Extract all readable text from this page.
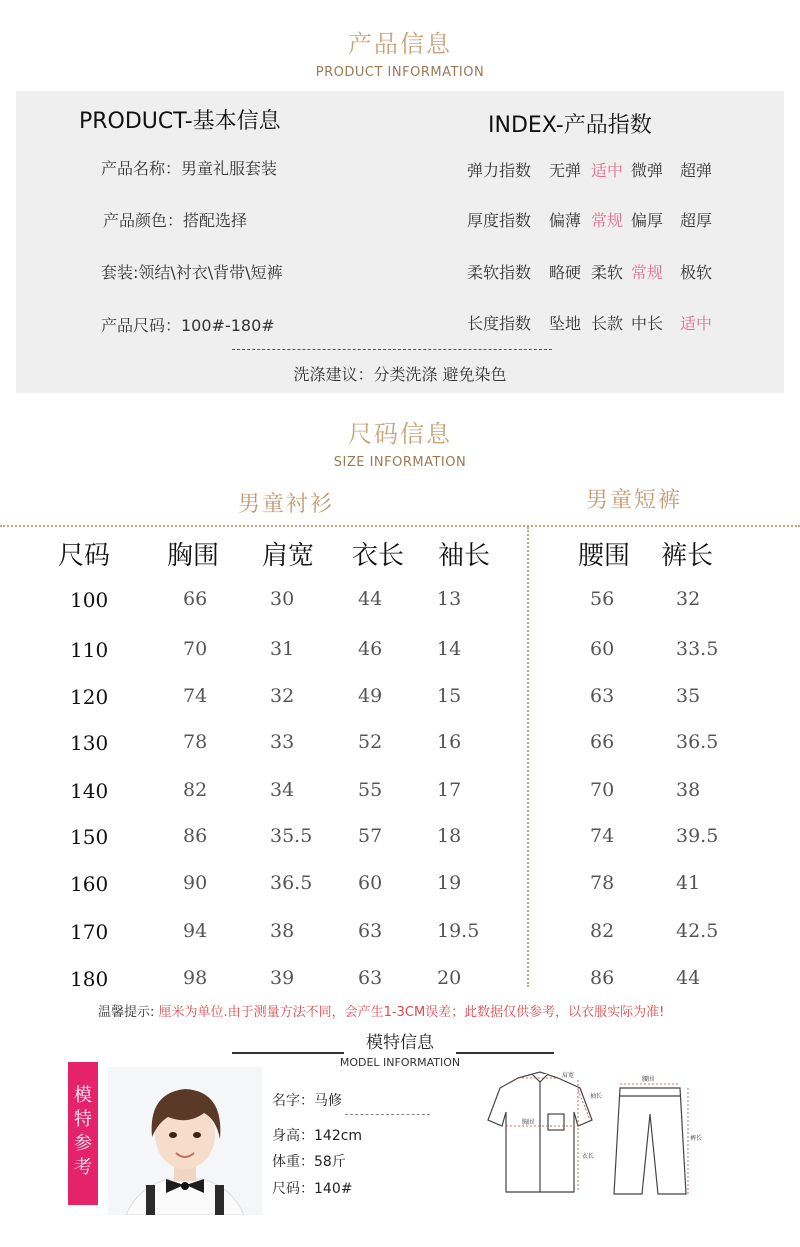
产品信息
PRODUCT INFORMATION
PRODUCT-基本信息	INDEX-产品指数
产品名称：男童礼服套装
产品颜色：搭配选择
套装:领结\衬衣\背带\短裤
产品尺码：100#-180#
弹力指数 无弹 适中 微弹 超弹
厚度指数 偏薄 常规 偏厚 超厚
柔软指数 略硬 柔软 常规 极软
长度指数 坠地 长款 中长 适中
洗涤建议：分类洗涤 避免染色
尺码信息
SIZE INFORMATION
男童衬衫	男童短裤
尺码 胸围 肩宽 衣长 袖长	腰围 裤长
100	66	30	44	13	56	32
110	70	31	46	14	60	33.5
120	74	32	49	15	63	35
130	78	33	52	16	66	36.5
140	82	34	55	17	70	38
150	86	35.5 57	18	74	39.5
160	90	36.5 60	19	78	41
170	94	38	63	19.5	82	42.5
180	98	39	63	20	86	44
温馨提示: 厘米为单位.由于测量方法不同，会产生1-3CM误差；此数据仅供参考，以衣服实际为准!
模特信息
MODEL INFORMATION
模
特
参
考
名字：马修
身高：142cm
体重：58斤
尺码：140#
肩宽
袖长
胸围
衣长
腰围
裤长
